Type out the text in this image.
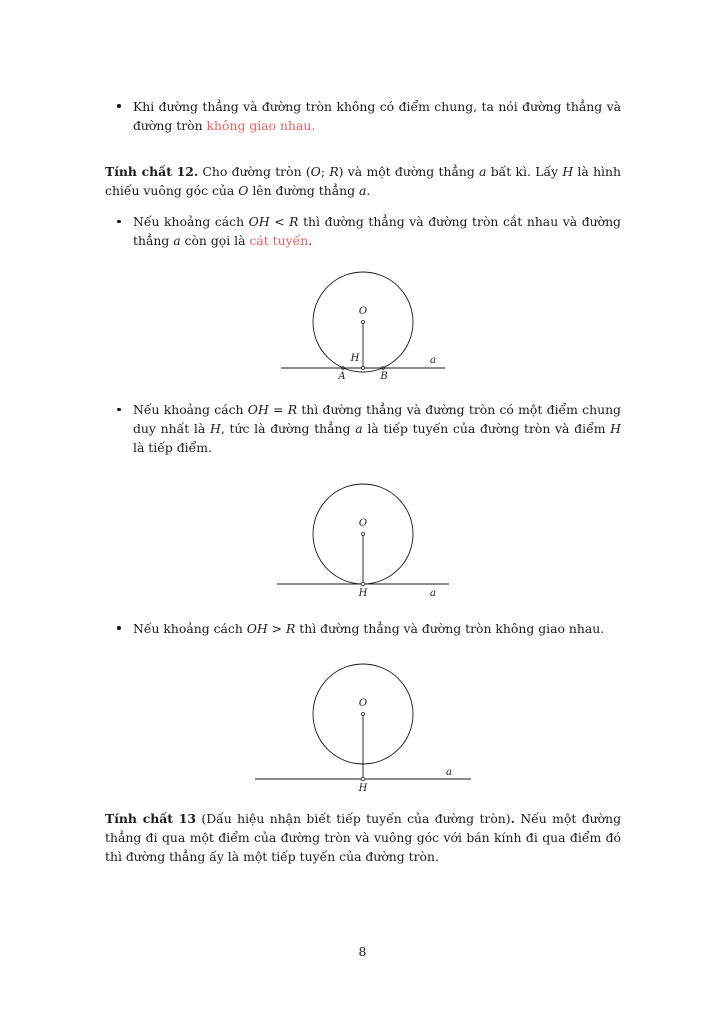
Khi đường thẳng và đường tròn không có điểm chung, ta nói đường thẳng và đường tròn không giao nhau.

Tính chất 12. Cho đường tròn (O; R) và một đường thẳng a bất kì. Lấy H là hình chiếu vuông góc của O lên đường thẳng a.

Nếu khoảng cách OH < R thì đường thẳng và đường tròn cắt nhau và đường thẳng a còn gọi là cát tuyến.
O
H
A	B
a
Nếu khoảng cách OH = R thì đường thẳng và đường tròn có một điểm chung duy nhất là H, tức là đường thẳng a là tiếp tuyến của đường tròn và điểm H là tiếp điểm.
O
H	a
Nếu khoảng cách OH > R thì đường thẳng và đường tròn không giao nhau.
O
H
a

Tính chất 13 (Dấu hiệu nhận biết tiếp tuyến của đường tròn). Nếu một đường thẳng đi qua một điểm của đường tròn và vuông góc với bán kính đi qua điểm đó thì đường thẳng ấy là một tiếp tuyến của đường tròn.

8
